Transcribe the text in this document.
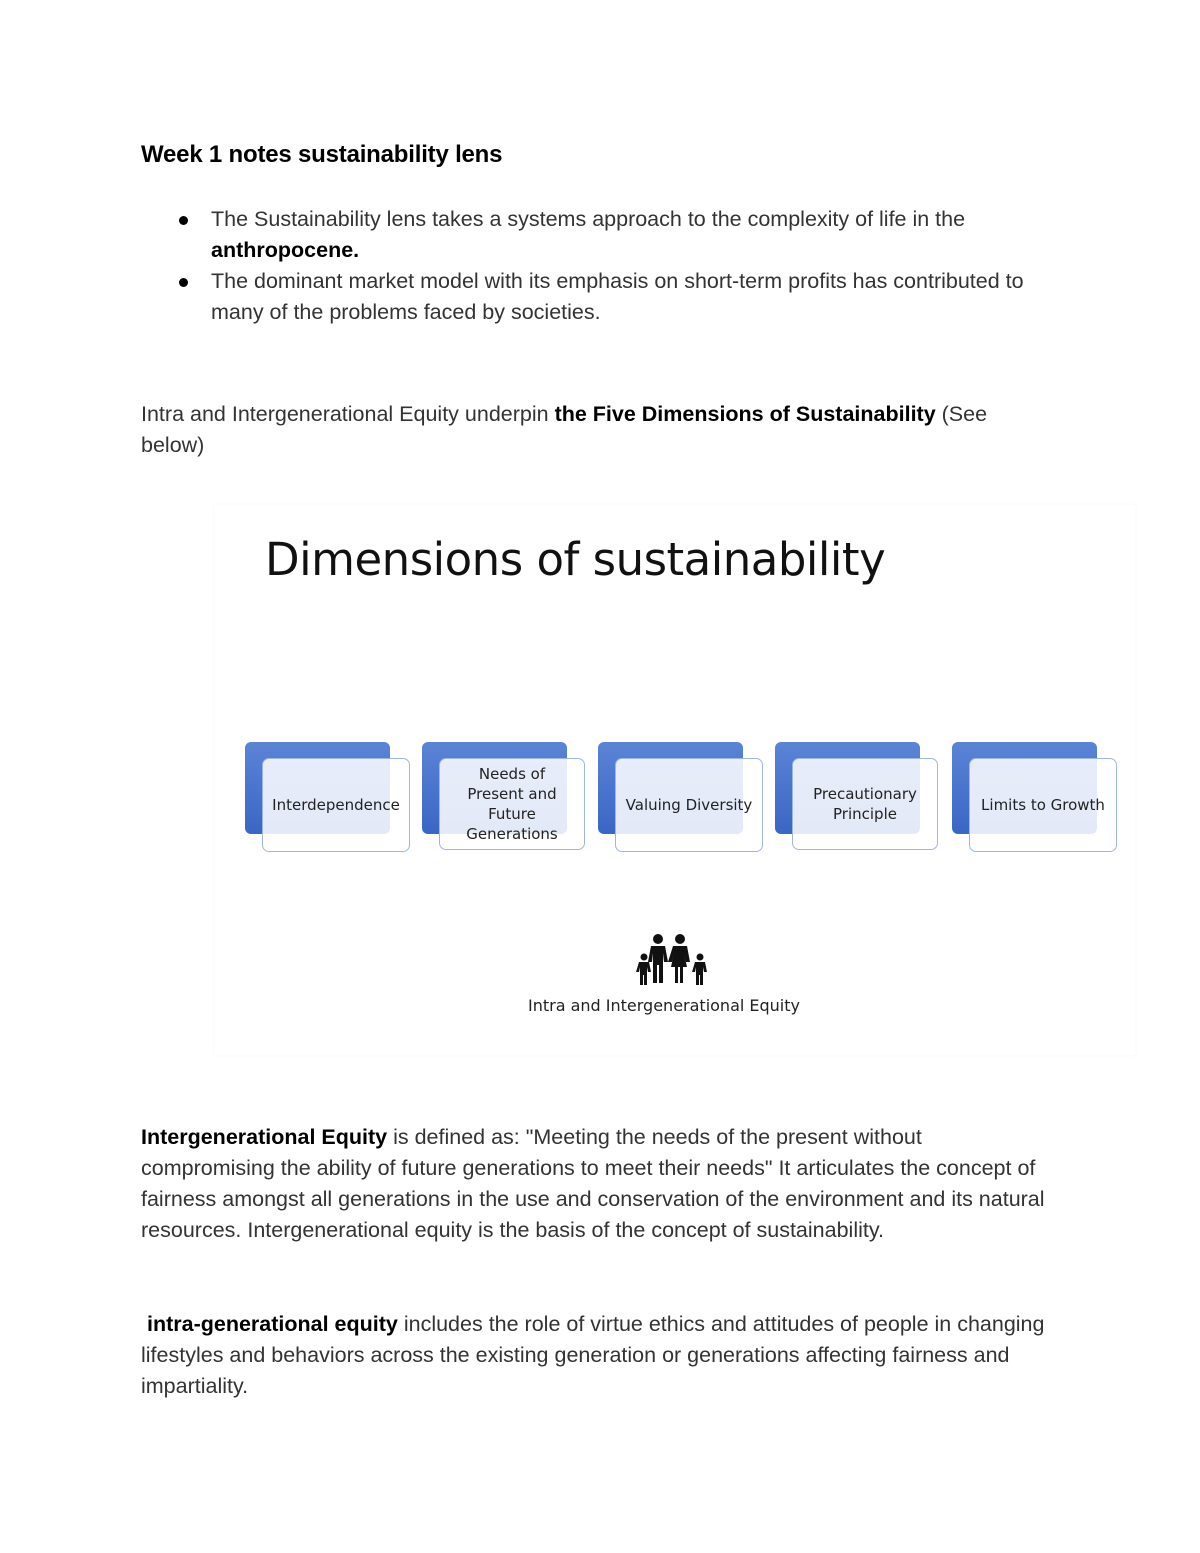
Week 1 notes sustainability lens
The Sustainability lens takes a systems approach to the complexity of life in the anthropocene.
The dominant market model with its emphasis on short-term profits has contributed to many of the problems faced by societies.

Intra and Intergenerational Equity underpin the Five Dimensions of Sustainability (See below)

Dimensions of sustainability
Interdependence
Needs of Present and Future Generations
Valuing Diversity
Precautionary Principle	Limits to Growth
Intra and Intergenerational Equity

Intergenerational Equity is defined as: "Meeting the needs of the present without compromising the ability of future generations to meet their needs" It articulates the concept of fairness amongst all generations in the use and conservation of the environment and its natural resources. Intergenerational equity is the basis of the concept of sustainability.

intra-generational equity includes the role of virtue ethics and attitudes of people in changing lifestyles and behaviors across the existing generation or generations affecting fairness and impartiality.
